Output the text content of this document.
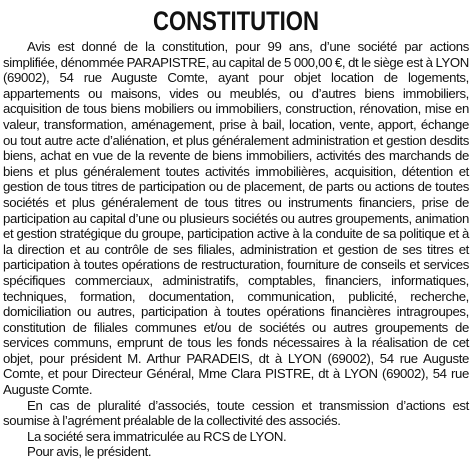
CONSTITUTION

Avis est donné de la constitution, pour 99 ans, d’une société par actions simplifiée, dénommée PARAPISTRE, au capital de 5 000,00 €, dt le siège est à LYON (69002), 54 rue Auguste Comte, ayant pour objet location de logements, appartements ou maisons, vides ou meublés, ou d’autres biens immobiliers, acquisition de tous biens mobiliers ou immobiliers, construction, rénovation, mise en valeur, transformation, aménagement, prise à bail, location, vente, apport, échange ou tout autre acte d’aliénation, et plus généralement administration et gestion desdits biens, achat en vue de la revente de biens immobiliers, activités des marchands de biens et plus généralement toutes activités immobilières, acquisition, détention et gestion de tous titres de participation ou de placement, de parts ou actions de toutes sociétés et plus généralement de tous titres ou instruments financiers, prise de participation au capital d’une ou plusieurs sociétés ou autres groupements, animation et gestion stratégique du groupe, participation active à la conduite de sa politique et à la direction et au contrôle de ses filiales, administration et gestion de ses titres et participation à toutes opérations de restructuration, fourniture de conseils et services spécifiques commerciaux, administratifs, comptables, financiers, informatiques, techniques, formation, documentation, communication, publicité, recherche, domiciliation ou autres, participation à toutes opérations financières intragroupes, constitution de filiales communes et/ou de sociétés ou autres groupements de services communs, emprunt de tous les fonds nécessaires à la réalisation de cet objet, pour président M. Arthur PARADEIS, dt à LYON (69002), 54 rue Auguste Comte, et pour Directeur Général, Mme Clara PISTRE, dt à LYON (69002), 54 rue Auguste Comte.

En cas de pluralité d’associés, toute cession et transmission d’actions est soumise à l’agrément préalable de la collectivité des associés.

La société sera immatriculée au RCS de LYON.

Pour avis, le président.
